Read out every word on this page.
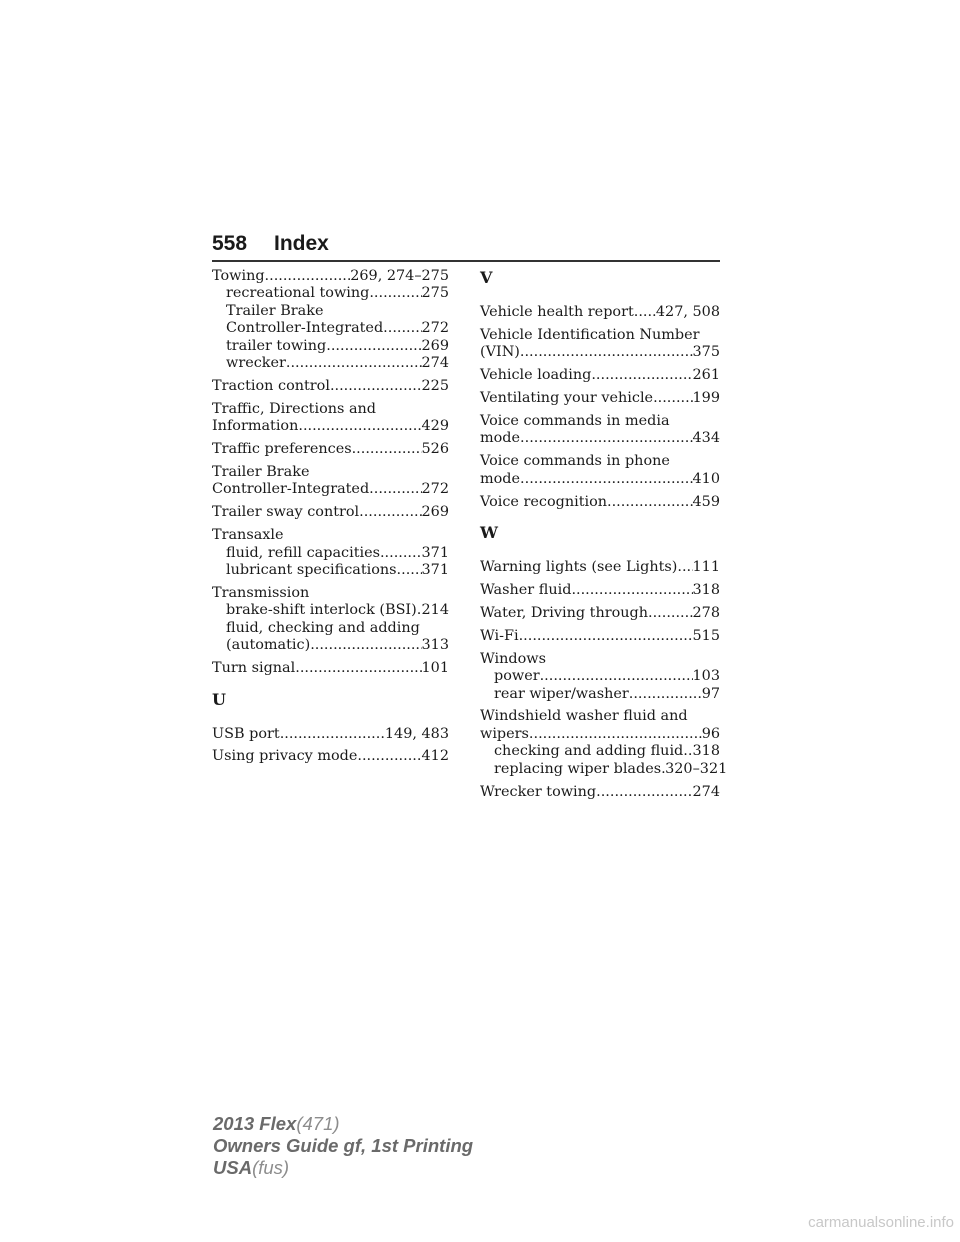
558 Index
Towing .....	269, 274–275
recreational towing .....	275
Trailer Brake
Controller-Integrated .....	272
trailer towing .....	269
wrecker .....	274
Traction control .....	225
Traffic, Directions and
Information .....	429
Traffic preferences .....	526
Trailer Brake
Controller-Integrated .....	272
Trailer sway control .....	269
Transaxle
fluid, refill capacities .....	371
lubricant specifications ..... 371
Transmission
brake-shift interlock (BSI) ..... 214
fluid, checking and adding
(automatic) .....	313
Turn signal .....	101
U
USB port .....	149, 483
Using privacy mode .....	412
V
Vehicle health report ..... 427, 508
Vehicle Identification Number
(VIN) .....	375
Vehicle loading .....	261
Ventilating your vehicle .....	199
Voice commands in media
mode .....	434
Voice commands in phone
mode .....	410
Voice recognition .....	459
W
Warning lights (see Lights) ..... 111
Washer fluid .....	318
Water, Driving through .....	278
Wi-Fi .....	515
Windows
power .....	103
rear wiper/washer .....	97
Windshield washer fluid and
wipers .....	96
checking and adding fluid ..... 318
replacing wiper blades ..... 320–321
Wrecker towing .....	274
2013 Flex(471)
Owners Guide gf, 1st Printing
USA(fus)
carmanualsonline.info
